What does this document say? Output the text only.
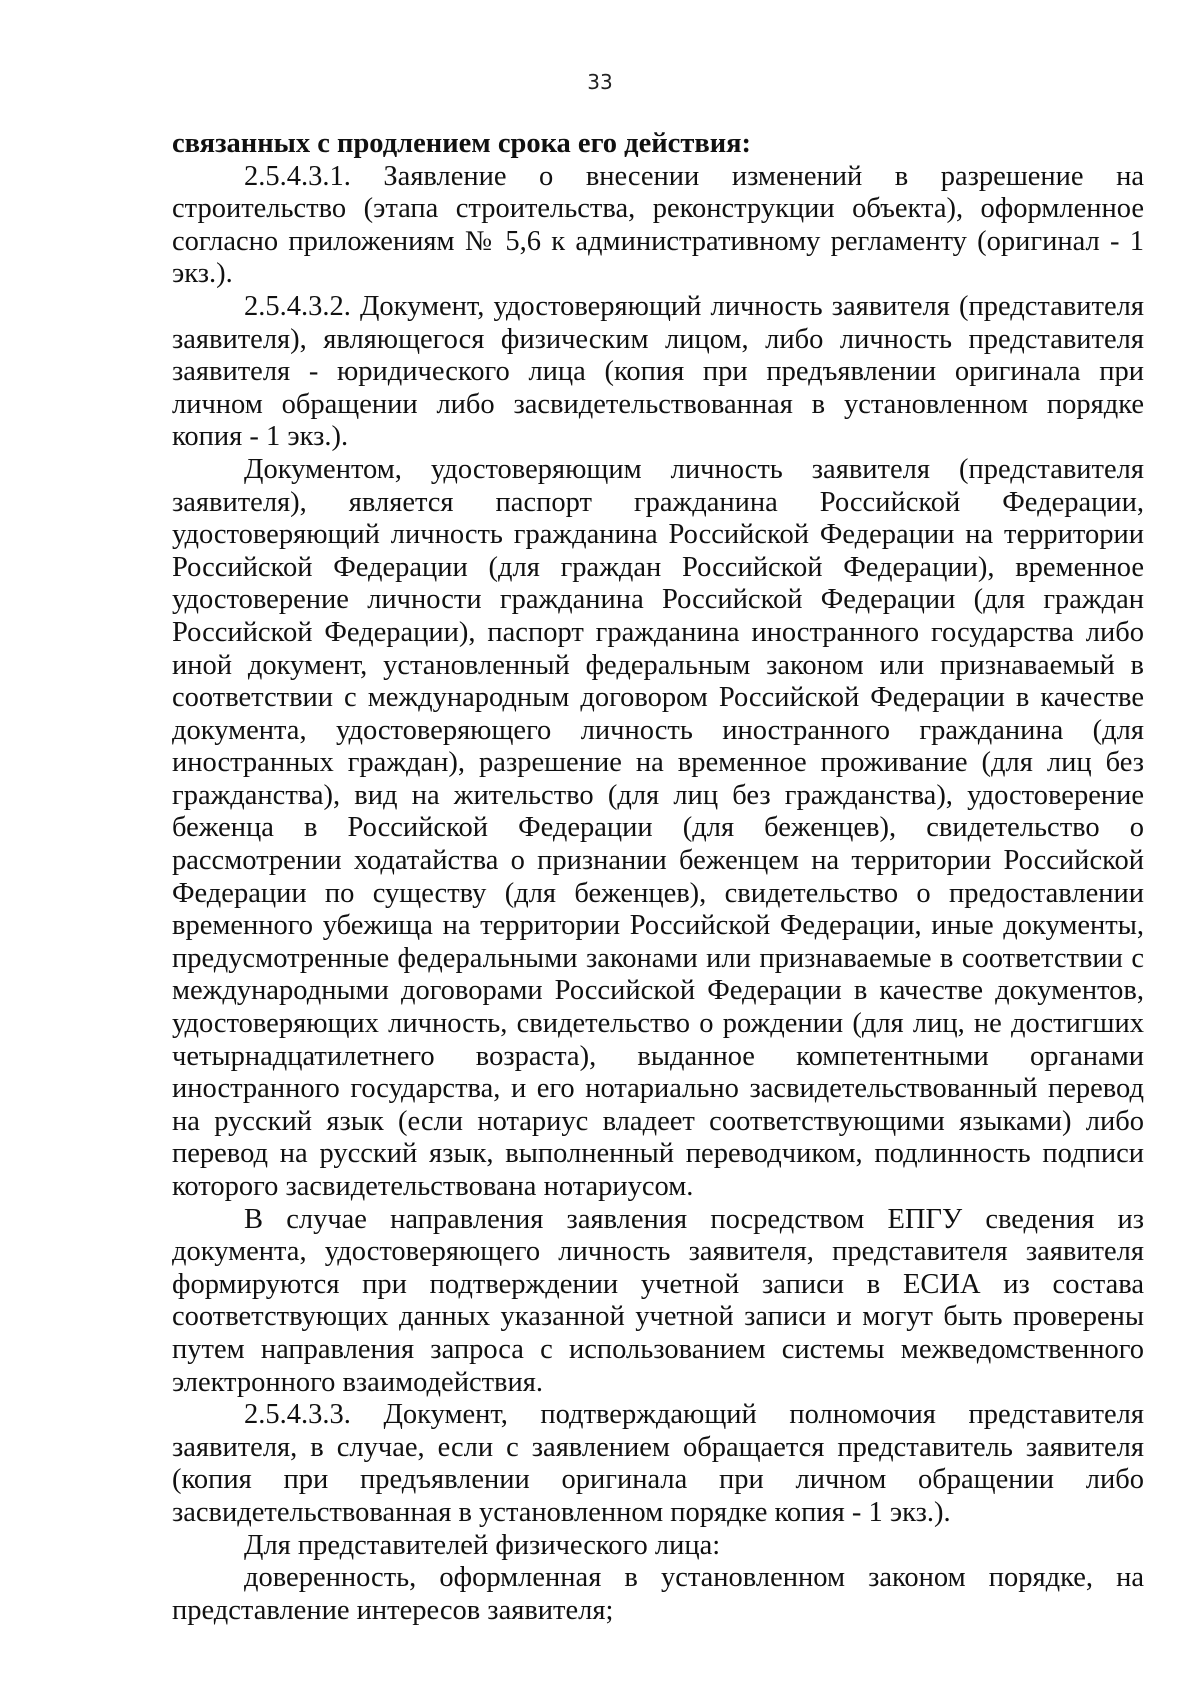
33

связанных с продлением срока его действия:

2.5.4.3.1. Заявление о внесении изменений в разрешение на строительство (этапа строительства, реконструкции объекта), оформленное согласно приложениям № 5,6 к административному регламенту (оригинал - 1 экз.).

2.5.4.3.2. Документ, удостоверяющий личность заявителя (представителя заявителя), являющегося физическим лицом, либо личность представителя заявителя - юридического лица (копия при предъявлении оригинала при личном обращении либо засвидетельствованная в установленном порядке копия - 1 экз.).

Документом, удостоверяющим личность заявителя (представителя заявителя), является паспорт гражданина Российской Федерации, удостоверяющий личность гражданина Российской Федерации на территории Российской Федерации (для граждан Российской Федерации), временное удостоверение личности гражданина Российской Федерации (для граждан Российской Федерации), паспорт гражданина иностранного государства либо иной документ, установленный федеральным законом или признаваемый в соответствии с международным договором Российской Федерации в качестве документа, удостоверяющего личность иностранного гражданина (для иностранных граждан), разрешение на временное проживание (для лиц без гражданства), вид на жительство (для лиц без гражданства), удостоверение беженца в Российской Федерации (для беженцев), свидетельство о рассмотрении ходатайства о признании беженцем на территории Российской Федерации по существу (для беженцев), свидетельство о предоставлении временного убежища на территории Российской Федерации, иные документы, предусмотренные федеральными законами или признаваемые в соответствии с международными договорами Российской Федерации в качестве документов, удостоверяющих личность, свидетельство о рождении (для лиц, не достигших четырнадцатилетнего возраста), выданное компетентными органами иностранного государства, и его нотариально засвидетельствованный перевод на русский язык (если нотариус владеет соответствующими языками) либо перевод на русский язык, выполненный переводчиком, подлинность подписи которого засвидетельствована нотариусом.

В случае направления заявления посредством ЕПГУ сведения из документа, удостоверяющего личность заявителя, представителя заявителя формируются при подтверждении учетной записи в ЕСИА из состава соответствующих данных указанной учетной записи и могут быть проверены путем направления запроса с использованием системы межведомственного электронного взаимодействия.

2.5.4.3.3. Документ, подтверждающий полномочия представителя заявителя, в случае, если с заявлением обращается представитель заявителя (копия при предъявлении оригинала при личном обращении либо засвидетельствованная в установленном порядке копия - 1 экз.).

Для представителей физического лица:

доверенность, оформленная в установленном законом порядке, на представление интересов заявителя;
